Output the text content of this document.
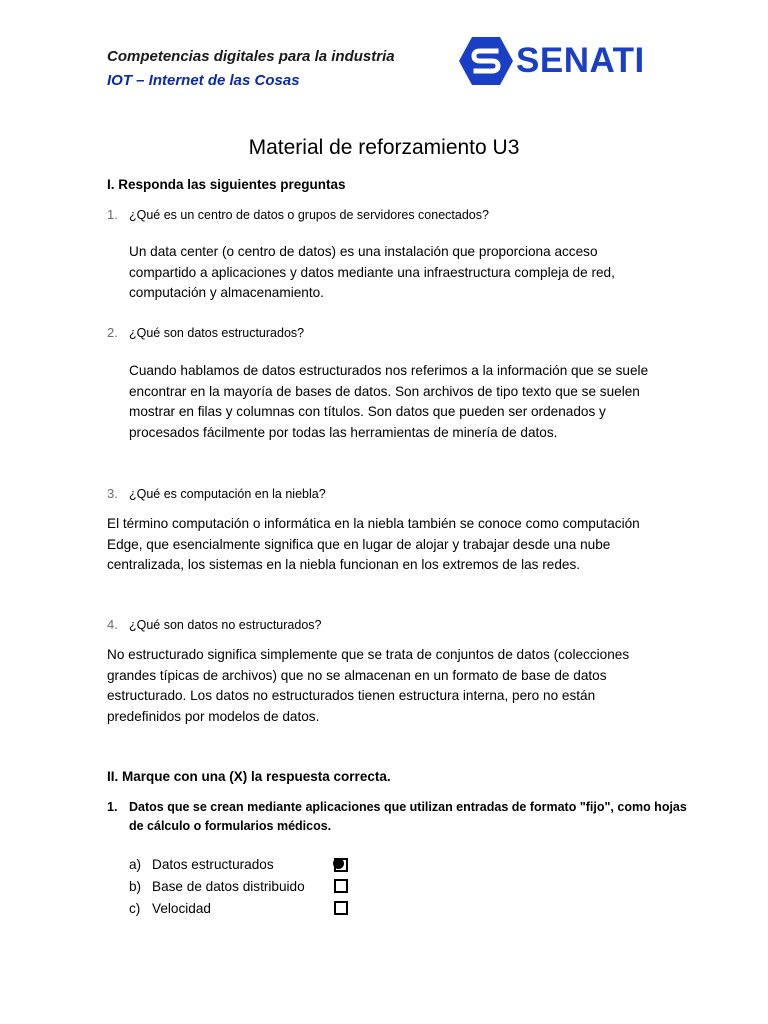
Competencias digitales para la industria
IOT – Internet de las Cosas
SENATI
Material de reforzamiento U3
I. Responda las siguientes preguntas
1. ¿Qué es un centro de datos o grupos de servidores conectados?

Un data center (o centro de datos) es una instalación que proporciona acceso

compartido a aplicaciones y datos mediante una infraestructura compleja de red,

computación y almacenamiento.

2. ¿Qué son datos estructurados?

Cuando hablamos de datos estructurados nos referimos a la información que se suele

encontrar en la mayoría de bases de datos. Son archivos de tipo texto que se suelen

mostrar en filas y columnas con títulos. Son datos que pueden ser ordenados y

procesados fácilmente por todas las herramientas de minería de datos.

3. ¿Qué es computación en la niebla?

El término computación o informática en la niebla también se conoce como computación

Edge, que esencialmente significa que en lugar de alojar y trabajar desde una nube

centralizada, los sistemas en la niebla funcionan en los extremos de las redes.

4. ¿Qué son datos no estructurados?

No estructurado significa simplemente que se trata de conjuntos de datos (colecciones

grandes típicas de archivos) que no se almacenan en un formato de base de datos

estructurado. Los datos no estructurados tienen estructura interna, pero no están

predefinidos por modelos de datos.

II. Marque con una (X) la respuesta correcta.
1. Datos que se crean mediante aplicaciones que utilizan entradas de formato "fijo", como hojas

de cálculo o formularios médicos.

a) Datos estructurados
b) Base de datos distribuido
c) Velocidad
